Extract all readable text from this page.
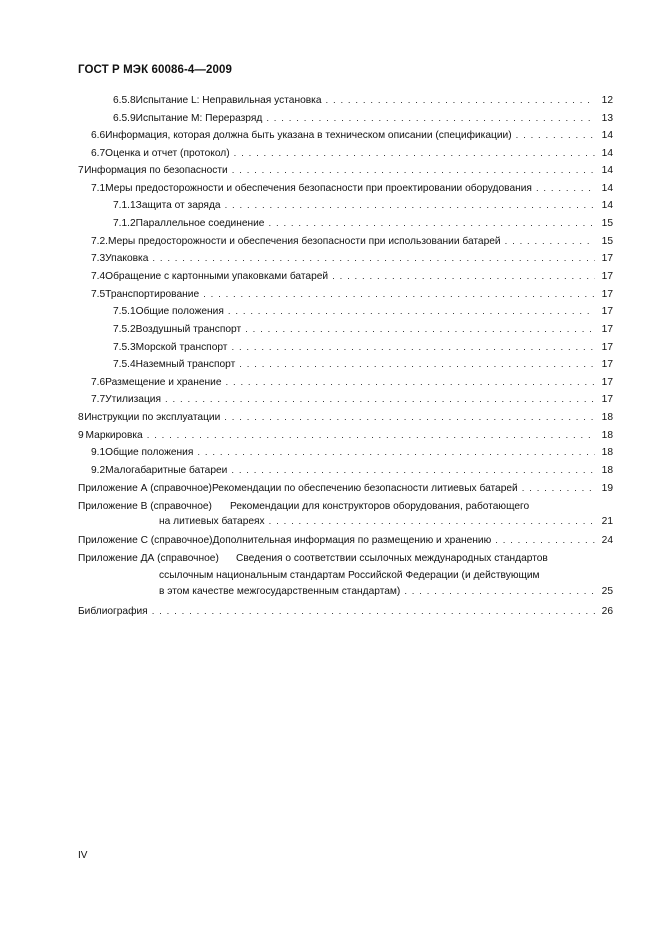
ГОСТ Р МЭК 60086-4—2009
6.5.8 Испытание L: Неправильная установка . . .	12
6.5.9 Испытание M: Переразряд . . .	13
6.6 Информация, которая должна быть указана в техническом описании (спецификации) . . .	14
6.7 Оценка и отчет (протокол) . . .	14
7 Информация по безопасности . . .	14
7.1 Меры предосторожности и обеспечения безопасности при проектировании оборудования . . .	14
7.1.1 Защита от заряда . . .	14
7.1.2 Параллельное соединение . . .	15
7.2. Меры предосторожности и обеспечения безопасности при использовании батарей . . .	15
7.3 Упаковка . . .	17
7.4 Обращение с картонными упаковками батарей . . .	17
7.5 Транспортирование . . .	17
7.5.1 Общие положения . . .	17
7.5.2 Воздушный транспорт . . .	17
7.5.3 Морской транспорт . . .	17
7.5.4 Наземный транспорт . . .	17
7.6 Размещение и хранение . . .	17
7.7 Утилизация . . .	17
8 Инструкции по эксплуатации . . .	18
9 Маркировка . . .	18
9.1 Общие положения . . .	18
9.2 Малогабаритные батареи . . .	18
Приложение А (справочное) Рекомендации по обеспечению безопасности литиевых батарей . . .	19
Приложение В (справочное) Рекомендации для конструкторов оборудования, работающего
на литиевых батареях . . .	21
Приложение С (справочное) Дополнительная информация по размещению и хранению . . .	24
Приложение ДА (справочное) Сведения о соответствии ссылочных международных стандартов
ссылочным национальным стандартам Российской Федерации (и действующим
в этом качестве межгосударственным стандартам) . . .	25
Библиография . . .	26
IV
